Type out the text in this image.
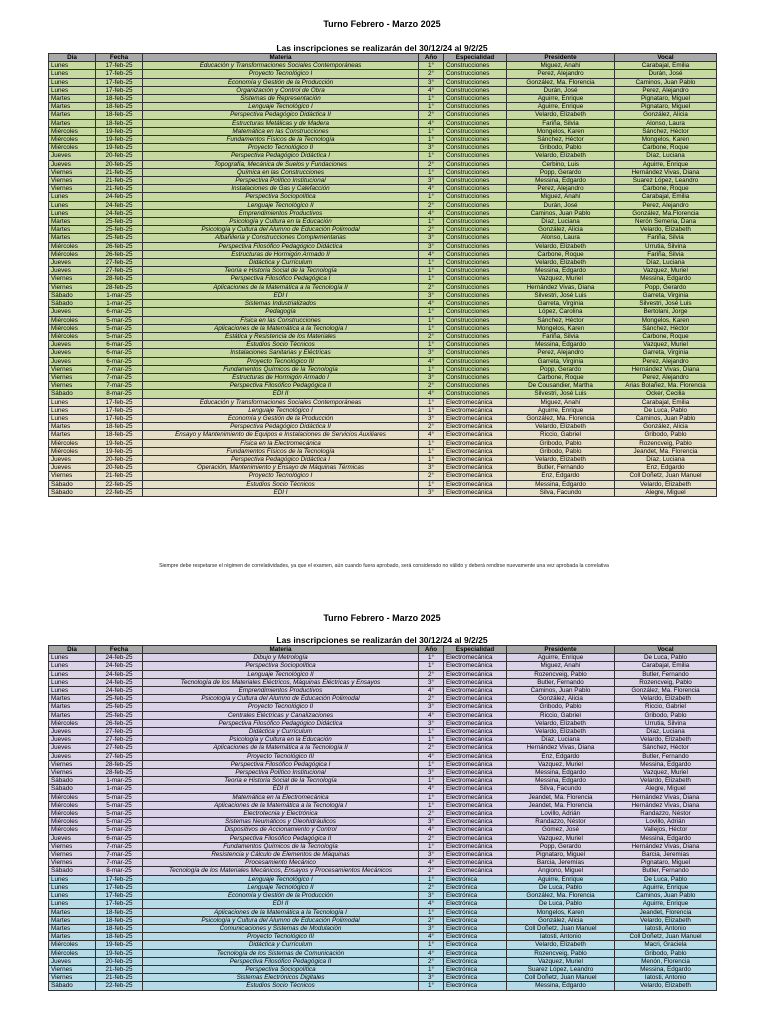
Turno Febrero - Marzo 2025
Las inscripciones se realizarán del 30/12/24 al 9/2/25
Día	Fecha	Materia	Año	Especialidad	Presidente	Vocal
Lunes	17-feb-25	Educación y Transformaciones Sociales Contemporáneas	1°	Construcciones	Miguez, Anahí	Carabajal, Emilia
Lunes	17-feb-25	Proyecto Tecnológico I	2°	Construcciones	Perez, Alejandro	Durán, José
Lunes	17-feb-25	Economía y Gestión de la Producción	3°	Construcciones	González, Ma. Florencia	Caminos, Juan Pablo
Lunes	17-feb-25	Organización y Control de Obra	4°	Construcciones	Durán, José	Perez, Alejandro
Martes	18-feb-25	Sistemas de Representación	1°	Construcciones	Aguirre, Enrique	Pignataro, Miguel
Martes	18-feb-25	Lenguaje Tecnológico I	1°	Construcciones	Aguirre, Enrique	Pignataro, Miguel
Martes	18-feb-25	Perspectiva Pedagógico Didáctica II	2°	Construcciones	Velardo, Elizabeth	González, Alicia
Martes	18-feb-25	Estructuras Metálicas y de Madera	4°	Construcciones	Fariña, Silvia	Alonso, Laura
Miércoles	19-feb-25	Matemática en las Construcciones	1°	Construcciones	Mongelos, Karen	Sánchez, Héctor
Miércoles	19-feb-25	Fundamentos Físicos de la Tecnología	1°	Construcciones	Sánchez, Héctor	Mongelos, Karen
Miércoles	19-feb-25	Proyecto Tecnológico II	3°	Construcciones	Gribodo, Pablo	Carbone, Roque
Jueves	20-feb-25	Perspectiva Pedagógico Didáctica I	1°	Construcciones	Velardo, Elizabeth	Díaz, Luciana
Jueves	20-feb-25	Topografía, Mecánica de Suelos y Fundaciones	2°	Construcciones	Cerbino, Luis	Aguirre, Enrique
Viernes	21-feb-25	Química en las Construcciones	1°	Construcciones	Popp, Gerardo	Hernández Vivas, Diana
Viernes	21-feb-25	Perspectiva Político Institucional	3°	Construcciones	Messina, Edgardo	Suarez López, Leandro
Viernes	21-feb-25	Instalaciones de Gas y Calefacción	4°	Construcciones	Perez, Alejandro	Carbone, Roque
Lunes	24-feb-25	Perspectiva Sociopolítica	1°	Construcciones	Miguez, Anahí	Carabajal, Emilia
Lunes	24-feb-25	Lenguaje Tecnológico II	2°	Construcciones	Durán, José	Perez, Alejandro
Lunes	24-feb-25	Emprendimientos Productivos	4°	Construcciones	Caminos, Juan Pablo	González, Ma.Florencia
Martes	25-feb-25	Psicología y Cultura en la Educación	1°	Construcciones	Díaz, Luciana	Nerón Semeria, Dana
Martes	25-feb-25	Psicología y Cultura del Alumno de Educación Polimodal	2°	Construcciones	González, Alicia	Velardo, Elizabeth
Martes	25-feb-25	Albañilería y Construcciones Complementarias	3°	Construcciones	Alonso, Laura	Fariña, Silvia
Miércoles	26-feb-25	Perspectiva Filosófico Pedagógico Didáctica	3°	Construcciones	Velardo, Elizabeth	Urrutia, Silvina
Miércoles	26-feb-25	Estructuras de Hormigón Armado II	4°	Construcciones	Carbone, Roque	Fariña, Silvia
Jueves	27-feb-25	Didáctica y Currículum	1°	Construcciones	Velardo, Elizabeth	Díaz, Luciana
Jueves	27-feb-25	Teoría e Historia Social de la Tecnología	1°	Construcciones	Messina, Edgardo	Vazquez, Muriel
Viernes	28-feb-25	Perspectiva Filosófico Pedagógica I	1°	Construcciones	Vazquez, Muriel	Messina, Edgardo
Viernes	28-feb-25	Aplicaciones de la Matemática a la Tecnología II	2°	Construcciones	Hernández Vivas, Diana	Popp, Gerardo
Sábado	1-mar-25	EDI I	3°	Construcciones	Silvestri, José Luis	Garreta, Virginia
Sábado	1-mar-25	Sistemas Industrializados	4°	Construcciones	Garreta, Virginia	Silvestri, José Luis
Jueves	6-mar-25	Pedagogía	1°	Construcciones	López, Carolina	Bertolani, Jorge
Miércoles	5-mar-25	Física en las Construcciones	1°	Construcciones	Sánchez, Héctor	Mongelos, Karen
Miércoles	5-mar-25	Aplicaciones de la Matemática a la Tecnología I	1°	Construcciones	Mongelos, Karen	Sánchez, Héctor
Miércoles	5-mar-25	Estática y Resistencia de los Materiales	2°	Construcciones	Fariña, Silvia	Carbone, Roque
Jueves	6-mar-25	Estudios Socio Técnicos	1°	Construcciones	Messina, Edgardo	Vazquez, Muriel
Jueves	6-mar-25	Instalaciones Sanitarias y Eléctricas	3°	Construcciones	Perez, Alejandro	Garreta, Virginia
Jueves	6-mar-25	Proyecto Tecnológico III	4°	Construcciones	Garreta, Virginia	Perez, Alejandro
Viernes	7-mar-25	Fundamentos Químicos de la Tecnología	1°	Construcciones	Popp, Gerardo	Hernández Vivas, Diana
Viernes	7-mar-25	Estructuras de Hormigón Armado I	3°	Construcciones	Carbone, Roque	Perez, Alejandro
Viernes	7-mar-25	Perspectiva Filosófico Pedagógica II	2°	Construcciones	De Cousandier, Martha	Arias Bolañez, Ma. Florencia
Sábado	8-mar-25	EDI II	4°	Construcciones	Silvestri, José Luis	Ocker, Cecilia
Lunes	17-feb-25	Educación y Transformaciones Sociales Contemporáneas	1°	Electromecánica	Miguez, Anahí	Carabajal, Emilia
Lunes	17-feb-25	Lenguaje Tecnológico I	1°	Electromecánica	Aguirre, Enrique	De Luca, Pablo
Lunes	17-feb-25	Economía y Gestión de la Producción	3°	Electromecánica	González, Ma. Florencia	Caminos, Juan Pablo
Martes	18-feb-25	Perspectiva Pedagógico Didáctica II	2°	Electromecánica	Velardo, Elizabeth	González, Alicia
Martes	18-feb-25	Ensayo y Mantenimiento de Equipos e Instalaciones de Servicios Auxiliares	4°	Electromecánica	Riccio, Gabriel	Gribodo, Pablo
Miércoles	19-feb-25	Física en la Electromecánica	1°	Electromecánica	Gribodo, Pablo	Rozencveig, Pablo
Miércoles	19-feb-25	Fundamentos Físicos de la Tecnología	1°	Electromecánica	Gribodo, Pablo	Jeandet, Ma. Florencia
Jueves	20-feb-25	Perspectiva Pedagógico Didáctica I	1°	Electromecánica	Velardo, Elizabeth	Díaz, Luciana
Jueves	20-feb-25	Operación, Mantenimiento y Ensayo de Máquinas Térmicas	3°	Electromecánica	Butler, Fernando	Enz, Edgardo
Viernes	21-feb-25	Proyecto Tecnológico I	2°	Electromecánica	Enz, Edgardo	Coll Doñetz, Juan Manuel
Sábado	22-feb-25	Estudios Socio Técnicos	1°	Electromecánica	Messina, Edgardo	Velardo, Elizabeth
Sábado	22-feb-25	EDI I	3°	Electromecánica	Silva, Facundo	Alegre, Miguel
Siempre debe respetarse el régimen de correlatividades, ya que el examen, aún cuando fuera aprobado, será considerado no válido y deberá rendirse nuevamente una vez aprobada la correlativa
Turno Febrero - Marzo 2025
Las inscripciones se realizarán del 30/12/24 al 9/2/25
Día	Fecha	Materia	Año	Especialidad	Presidente	Vocal
Lunes	24-feb-25	Dibujo y Metrología	1°	Electromecánica	Aguirre, Enrique	De Luca, Pablo
Lunes	24-feb-25	Perspectiva Sociopolítica	1°	Electromecánica	Miguez, Anahí	Carabajal, Emilia
Lunes	24-feb-25	Lenguaje Tecnológico II	2°	Electromecánica	Rozencveig, Pablo	Butler, Fernando
Lunes	24-feb-25	Tecnología de los Materiales Eléctricos, Máquinas Eléctricas y Ensayos	3°	Electromecánica	Butler, Fernando	Rozencveig, Pablo
Lunes	24-feb-25	Emprendimientos Productivos	4°	Electromecánica	Caminos, Juan Pablo	González, Ma. Florencia
Martes	25-feb-25	Psicología y Cultura del Alumno de Educación Polimodal	2°	Electromecánica	González, Alicia	Velardo, Elizabeth
Martes	25-feb-25	Proyecto Tecnológico II	3°	Electromecánica	Gribodo, Pablo	Riccio, Gabriel
Martes	25-feb-25	Centrales Eléctricas y Canalizaciones	4°	Electromecánica	Riccio, Gabriel	Gribodo, Pablo
Miércoles	26-feb-25	Perspectiva Filosófico Pedagógico Didáctica	3°	Electromecánica	Velardo, Elizabeth	Urrutia, Silvina
Jueves	27-feb-25	Didáctica y Currículum	1°	Electromecánica	Velardo, Elizabeth	Díaz, Luciana
Jueves	27-feb-25	Psicología y Cultura en la Educación	1°	Electromecánica	Díaz, Luciana	Velardo, Elizabeth
Jueves	27-feb-25	Aplicaciones de la Matemática a la Tecnología II	2°	Electromecánica	Hernández Vivas, Diana	Sánchez, Héctor
Jueves	27-feb-25	Proyecto Tecnológico III	4°	Electromecánica	Enz, Edgardo	Butler, Fernando
Viernes	28-feb-25	Perspectiva Filosófico Pedagógica I	1°	Electromecánica	Vazquez, Muriel	Messina, Edgardo
Viernes	28-feb-25	Perspectiva Político Institucional	3°	Electromecánica	Messina, Edgardo	Vazquez, Muriel
Sábado	1-mar-25	Teoría e Historia Social de la Tecnología	1°	Electromecánica	Messina, Edgardo	Velardo, Elizabeth
Sábado	1-mar-25	EDI II	4°	Electromecánica	Silva, Facundo	Alegre, Miguel
Miércoles	5-mar-25	Matemática en la Electromecánica	1°	Electromecánica	Jeandet, Ma. Florencia	Hernández Vivas, Diana
Miércoles	5-mar-25	Aplicaciones de la Matemática a la Tecnología I	1°	Electromecánica	Jeandet, Ma. Florencia	Hernández Vivas, Diana
Miércoles	5-mar-25	Electrotecnia y Electrónica	2°	Electromecánica	Lovillo, Adrián	Randazzo, Néstor
Miércoles	5-mar-25	Sistemas Neumáticos y Oleohidráulicos	3°	Electromecánica	Randazzo, Néstor	Lovillo, Adrián
Miércoles	5-mar-25	Dispositivos de Accionamiento y Control	4°	Electromecánica	Gómez, José	Vallejos, Héctor
Jueves	6-mar-25	Perspectiva Filosófico Pedagógica II	2°	Electromecánica	Vazquez, Muriel	Messina, Edgardo
Viernes	7-mar-25	Fundamentos Químicos de la Tecnología	1°	Electromecánica	Popp, Gerardo	Hernández Vivas, Diana
Viernes	7-mar-25	Resistencia y Cálculo de Elementos de Máquinas	3°	Electromecánica	Pignataro, Miguel	Barcia, Jeremías
Viernes	7-mar-25	Procesamiento Mecánico	4°	Electromecánica	Barcia, Jeremías	Pignataro, Miguel
Sábado	8-mar-25	Tecnología de los Materiales Mecánicos, Ensayos y Procesamientos Mecánicos	2°	Electromecánica	Angiono, Miguel	Butler, Fernando
Lunes	17-feb-25	Lenguaje Tecnológico I	1°	Electrónica	Aguirre, Enrique	De Luca, Pablo
Lunes	17-feb-25	Lenguaje Tecnológico II	2°	Electrónica	De Luca, Pablo	Aguirre, Enrique
Lunes	17-feb-25	Economía y Gestión de la Producción	3°	Electrónica	González, Ma. Florencia	Caminos, Juan Pablo
Lunes	17-feb-25	EDI II	4°	Electrónica	De Luca, Pablo	Aguirre, Enrique
Martes	18-feb-25	Aplicaciones de la Matemática a la Tecnología I	1°	Electrónica	Mongelos, Karen	Jeandet, Florencia
Martes	18-feb-25	Psicología y Cultura del Alumno de Educación Polimodal	2°	Electrónica	González, Alicia	Velardo, Elizabeth
Martes	18-feb-25	Comunicaciones y Sistemas de Modulación	3°	Electrónica	Coll Doñetz, Juan Manuel	Iatosti, Antonio
Martes	18-feb-25	Proyecto Tecnológico III	4°	Electrónica	Iatosti, Antonio	Coll Doñetz, Juan Manuel
Miércoles	19-feb-25	Didáctica y Currículum	1°	Electrónica	Velardo, Elizabeth	Macri, Graciela
Miércoles	19-feb-25	Tecnología de los Sistemas de Comunicación	4°	Electrónica	Rozencveig, Pablo	Gribodo, Pablo
Jueves	20-feb-25	Perspectiva Filosófico Pedagógica II	2°	Electrónica	Vazquez, Muriel	Menón, Florencia
Viernes	21-feb-25	Perspectiva Sociopolítica	1°	Electrónica	Suarez López, Leandro	Messina, Edgardo
Viernes	21-feb-25	Sistemas Electrónicos Digitales	3°	Electrónica	Coll Doñetz, Juan Manuel	Iatosti, Antonio
Sábado	22-feb-25	Estudios Socio Técnicos	1°	Electrónica	Messina, Edgardo	Velardo, Elizabeth
